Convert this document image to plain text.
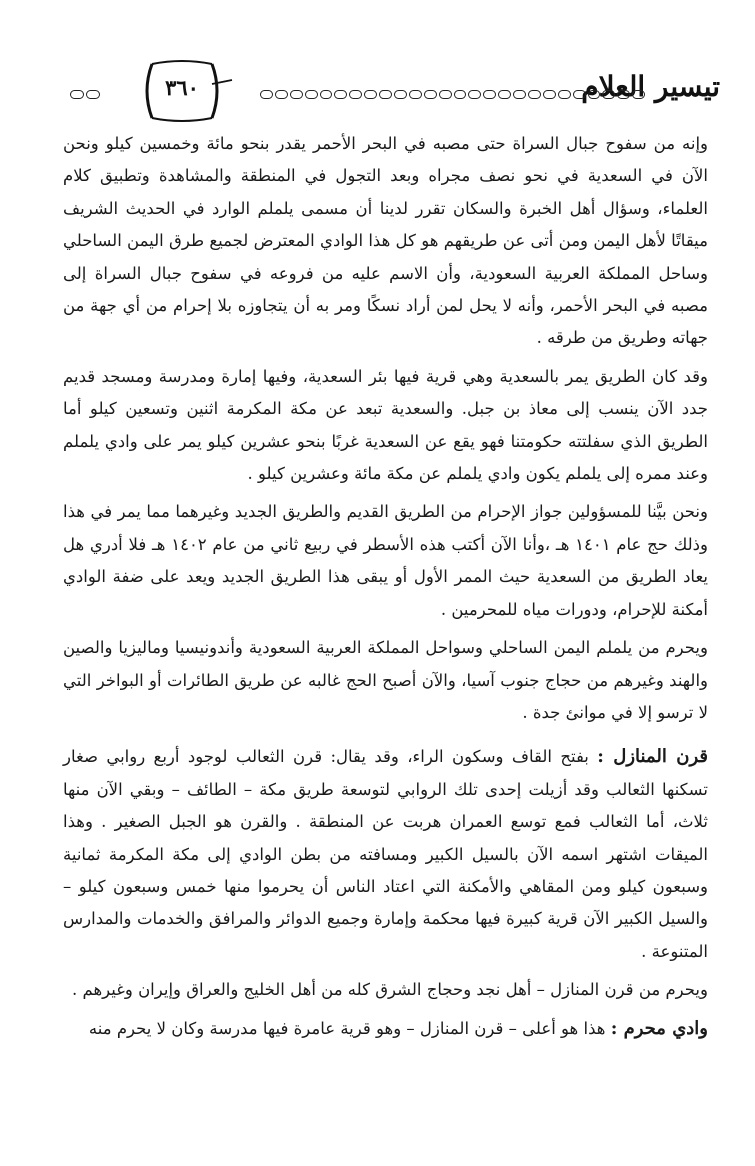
تيسير العلام
٣٦٠

وإنه من سفوح جبال السراة حتى مصبه في البحر الأحمر يقدر بنحو مائة وخمسين كيلو ونحن الآن في السعدية في نحو نصف مجراه وبعد التجول في المنطقة والمشاهدة وتطبيق كلام العلماء، وسؤال أهل الخبرة والسكان تقرر لدينا أن مسمى يلملم الوارد في الحديث الشريف ميقاتًا لأهل اليمن ومن أتى عن طريقهم هو كل هذا الوادي المعترض لجميع طرق اليمن الساحلي وساحل المملكة العربية السعودية، وأن الاسم عليه من فروعه في سفوح جبال السراة إلى مصبه في البحر الأحمر، وأنه لا يحل لمن أراد نسكًا ومر به أن يتجاوزه بلا إحرام من أي جهة من جهاته وطريق من طرقه .

وقد كان الطريق يمر بالسعدية وهي قرية فيها بئر السعدية، وفيها إمارة ومدرسة ومسجد قديم جدد الآن ينسب إلى معاذ بن جبل. والسعدية تبعد عن مكة المكرمة اثنين وتسعين كيلو أما الطريق الذي سفلتته حكومتنا فهو يقع عن السعدية غربًا بنحو عشرين كيلو يمر على وادي يلملم وعند ممره إلى يلملم يكون وادي يلملم عن مكة مائة وعشرين كيلو .

ونحن بيَّنا للمسؤولين جواز الإحرام من الطريق القديم والطريق الجديد وغيرهما مما يمر في هذا وذلك حج عام ١٤٠١ هـ ،وأنا الآن أكتب هذه الأسطر في ربيع ثاني من عام ١٤٠٢ هـ فلا أدري هل يعاد الطريق من السعدية حيث الممر الأول أو يبقى هذا الطريق الجديد ويعد على ضفة الوادي أمكنة للإحرام، ودورات مياه للمحرمين .

ويحرم من يلملم اليمن الساحلي وسواحل المملكة العربية السعودية وأندونيسيا وماليزيا والصين والهند وغيرهم من حجاج جنوب آسيا، والآن أصبح الحج غالبه عن طريق الطائرات أو البواخر التي لا ترسو إلا في موانئ جدة .

قرن المنازل : بفتح القاف وسكون الراء، وقد يقال: قرن الثعالب لوجود أربع روابي صغار تسكنها الثعالب وقد أزيلت إحدى تلك الروابي لتوسعة طريق مكة – الطائف – وبقي الآن منها ثلاث، أما الثعالب فمع توسع العمران هربت عن المنطقة . والقرن هو الجبل الصغير . وهذا الميقات اشتهر اسمه الآن بالسيل الكبير ومسافته من بطن الوادي إلى مكة المكرمة ثمانية وسبعون كيلو ومن المقاهي والأمكنة التي اعتاد الناس أن يحرموا منها خمس وسبعون كيلو – والسيل الكبير الآن قرية كبيرة فيها محكمة وإمارة وجميع الدوائر والمرافق والخدمات والمدارس المتنوعة .

ويحرم من قرن المنازل – أهل نجد وحجاج الشرق كله من أهل الخليج والعراق وإيران وغيرهم .

وادي محرم : هذا هو أعلى – قرن المنازل – وهو قرية عامرة فيها مدرسة وكان لا يحرم منه
